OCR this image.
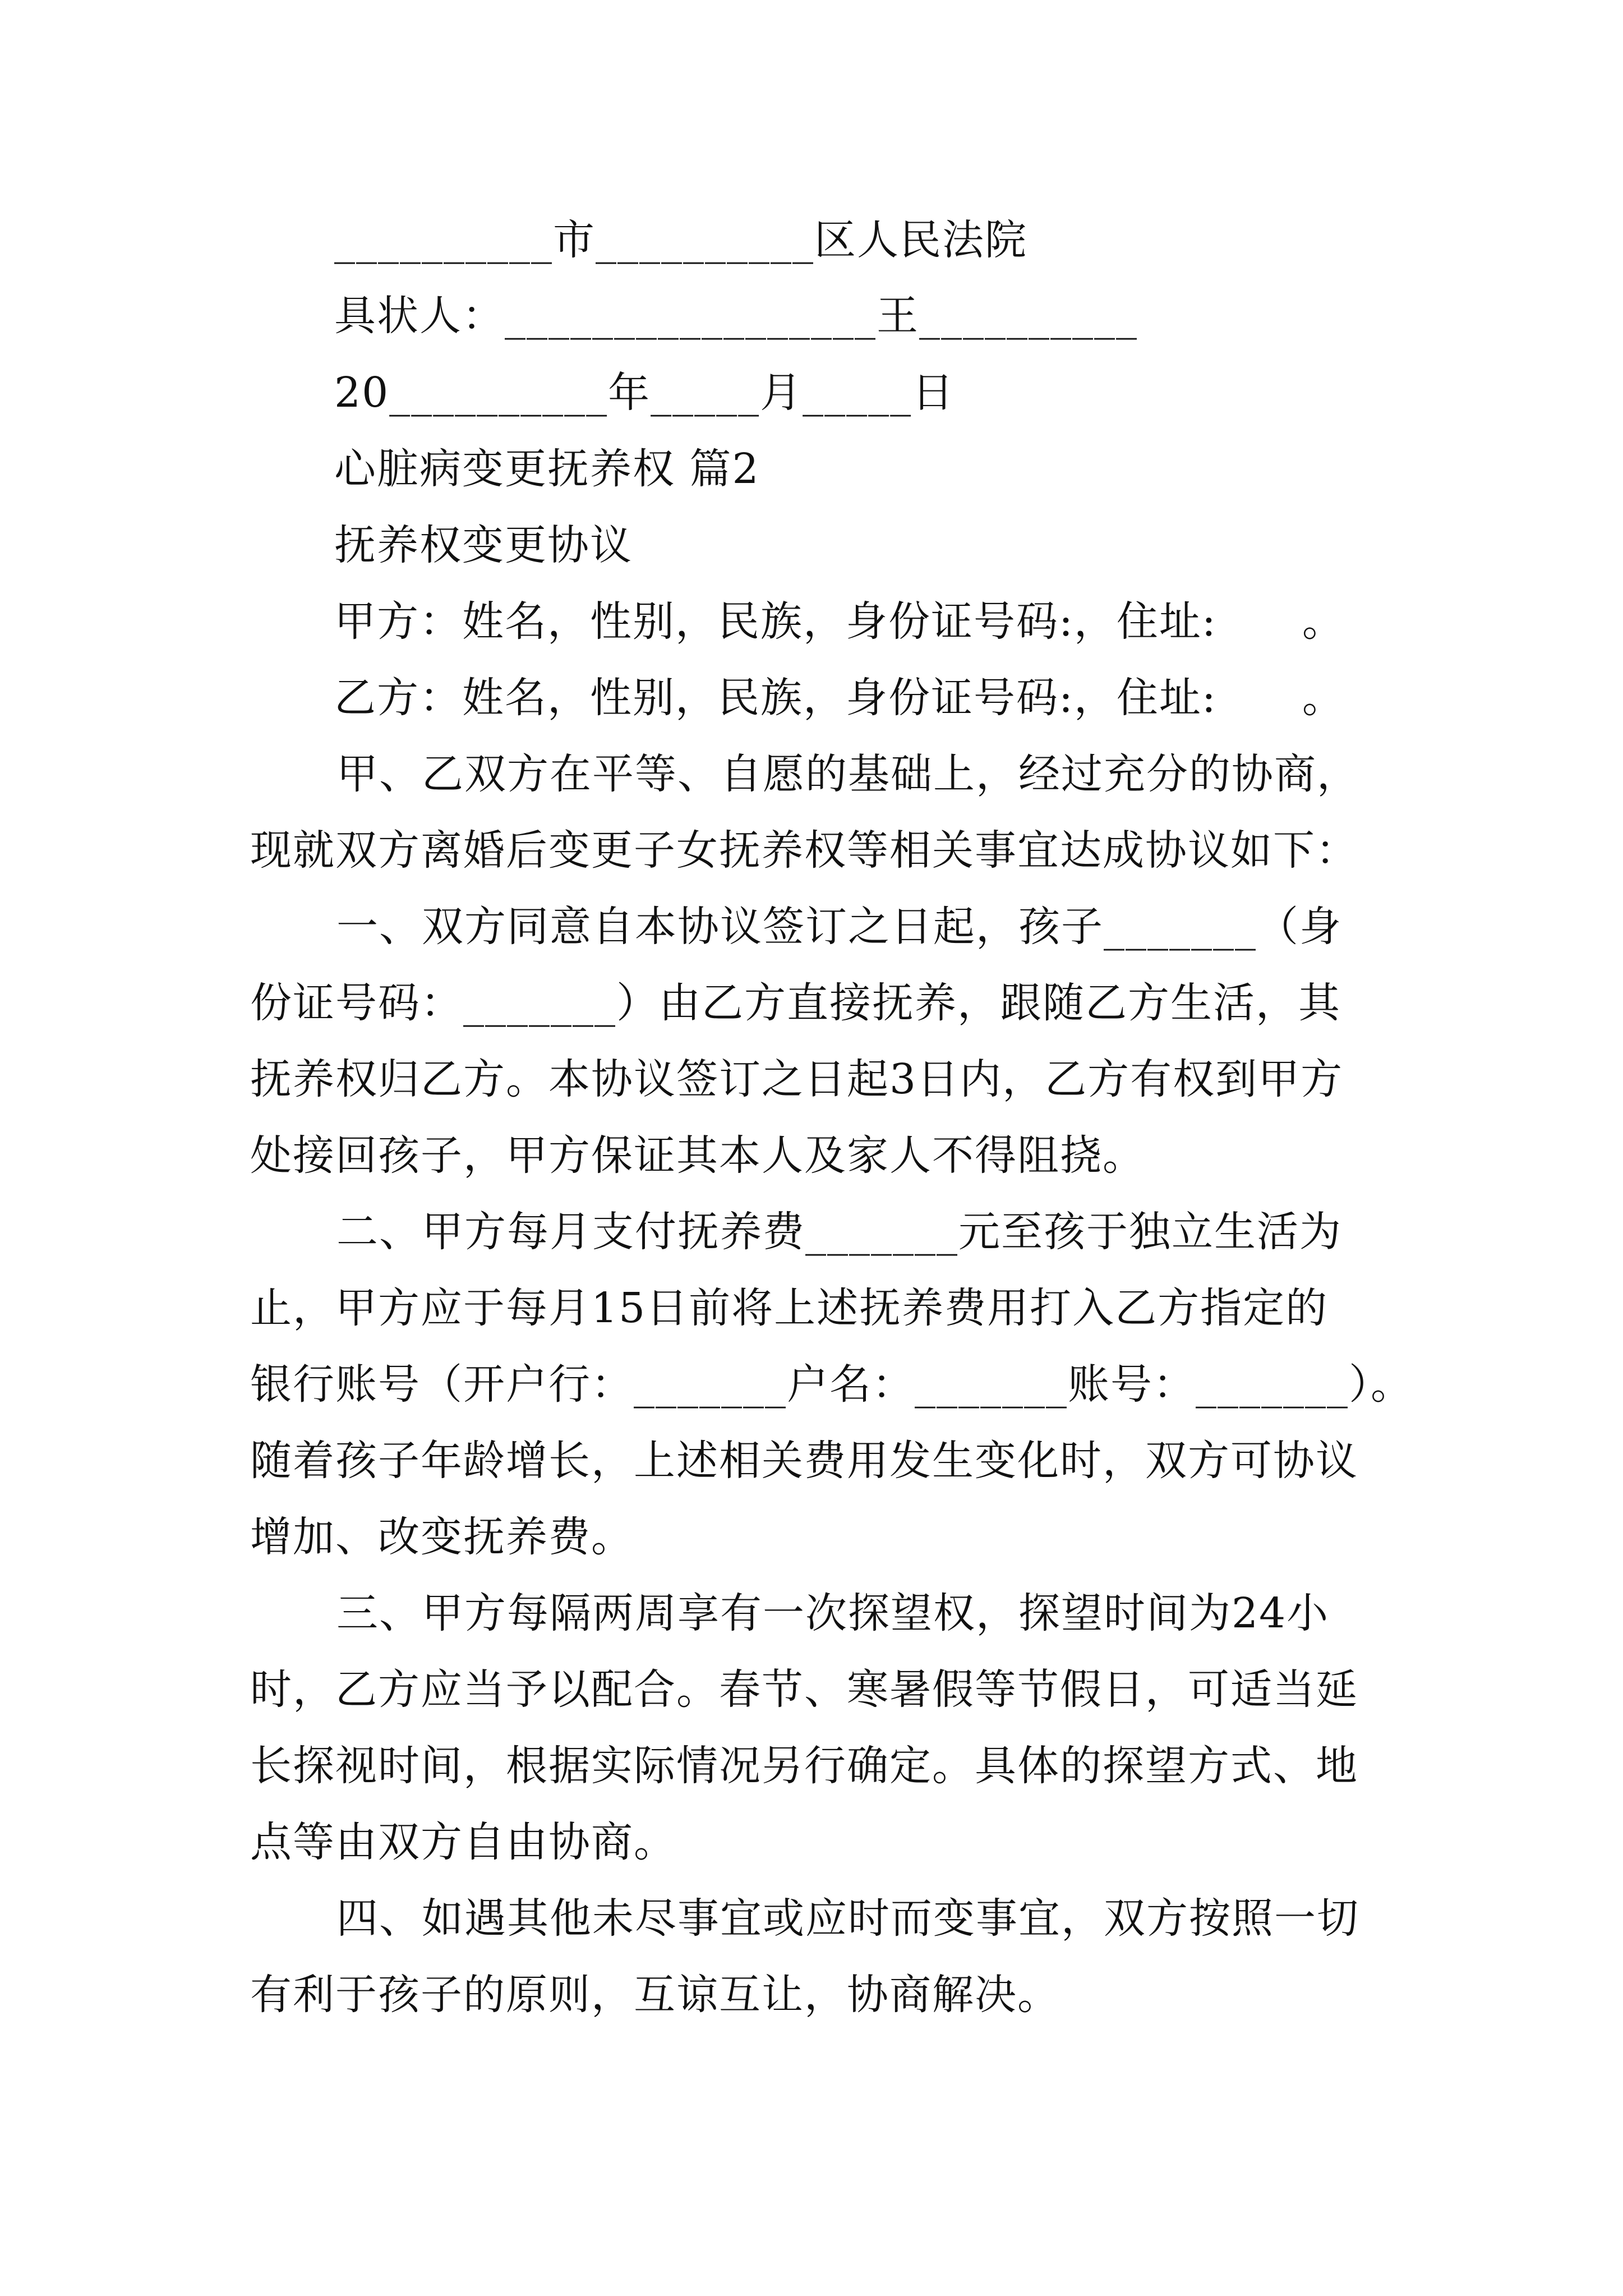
__________市__________区人民法院
具状人：_________________王__________
20__________年_____月_____日
心脏病变更抚养权 篇2
抚养权变更协议
甲方：姓名，性别，民族，身份证号码:，住址:　　。
乙方：姓名，性别，民族，身份证号码:，住址:　　。
甲、乙双方在平等、自愿的基础上，经过充分的协商，
现就双方离婚后变更子女抚养权等相关事宜达成协议如下：
一、双方同意自本协议签订之日起，孩子_______（身
份证号码：_______）由乙方直接抚养，跟随乙方生活，其
抚养权归乙方。本协议签订之日起3日内，乙方有权到甲方
处接回孩子，甲方保证其本人及家人不得阻挠。
二、甲方每月支付抚养费_______元至孩于独立生活为
止，甲方应于每月15日前将上述抚养费用打入乙方指定的
银行账号（开户行：_______户名：_______账号：_______）。
随着孩子年龄增长，上述相关费用发生变化时，双方可协议
增加、改变抚养费。
三、甲方每隔两周享有一次探望权，探望时间为24小
时，乙方应当予以配合。春节、寒暑假等节假日，可适当延
长探视时间，根据实际情况另行确定。具体的探望方式、地
点等由双方自由协商。
四、如遇其他未尽事宜或应时而变事宜，双方按照一切
有利于孩子的原则，互谅互让，协商解决。
